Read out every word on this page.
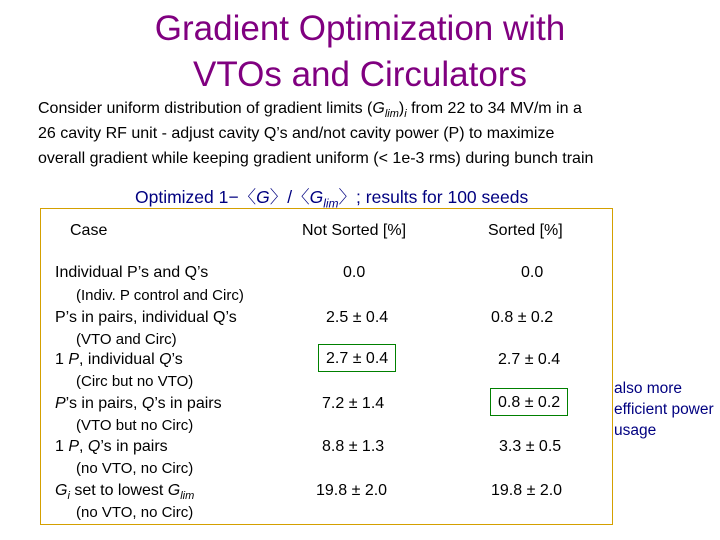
Gradient Optimization with
VTOs and Circulators
Consider uniform distribution of gradient limits $(G_{lim})_i$ from 22 to 34 MV/m in a
26 cavity RF unit - adjust cavity Q’s and/not cavity power (P) to maximize
overall gradient while keeping gradient uniform (< 1e-3 rms) during bunch train
Optimized 1−〈G〉/〈$G_{lim}$〉; results for 100 seeds
Case	Not Sorted [%]	Sorted [%]
Individual P’s and Q’s
(Indiv. P control and Circ)
0.0	0.0
P’s in pairs, individual Q’s
(VTO and Circ)
2.5 ± 0.4	0.8 ± 0.2
1 P, individual Q’s
(Circ but no VTO)
2.7 ± 0.4	2.7 ± 0.4
P’s in pairs, Q’s in pairs
(VTO but no Circ)
7.2 ± 1.4	0.8 ± 0.2
1 P, Q’s in pairs
(no VTO, no Circ)
8.8 ± 1.3	3.3 ± 0.5
$G_i$ set to lowest $G_{lim}$
(no VTO, no Circ)
19.8 ± 2.0	19.8 ± 2.0
also more efficient power usage
